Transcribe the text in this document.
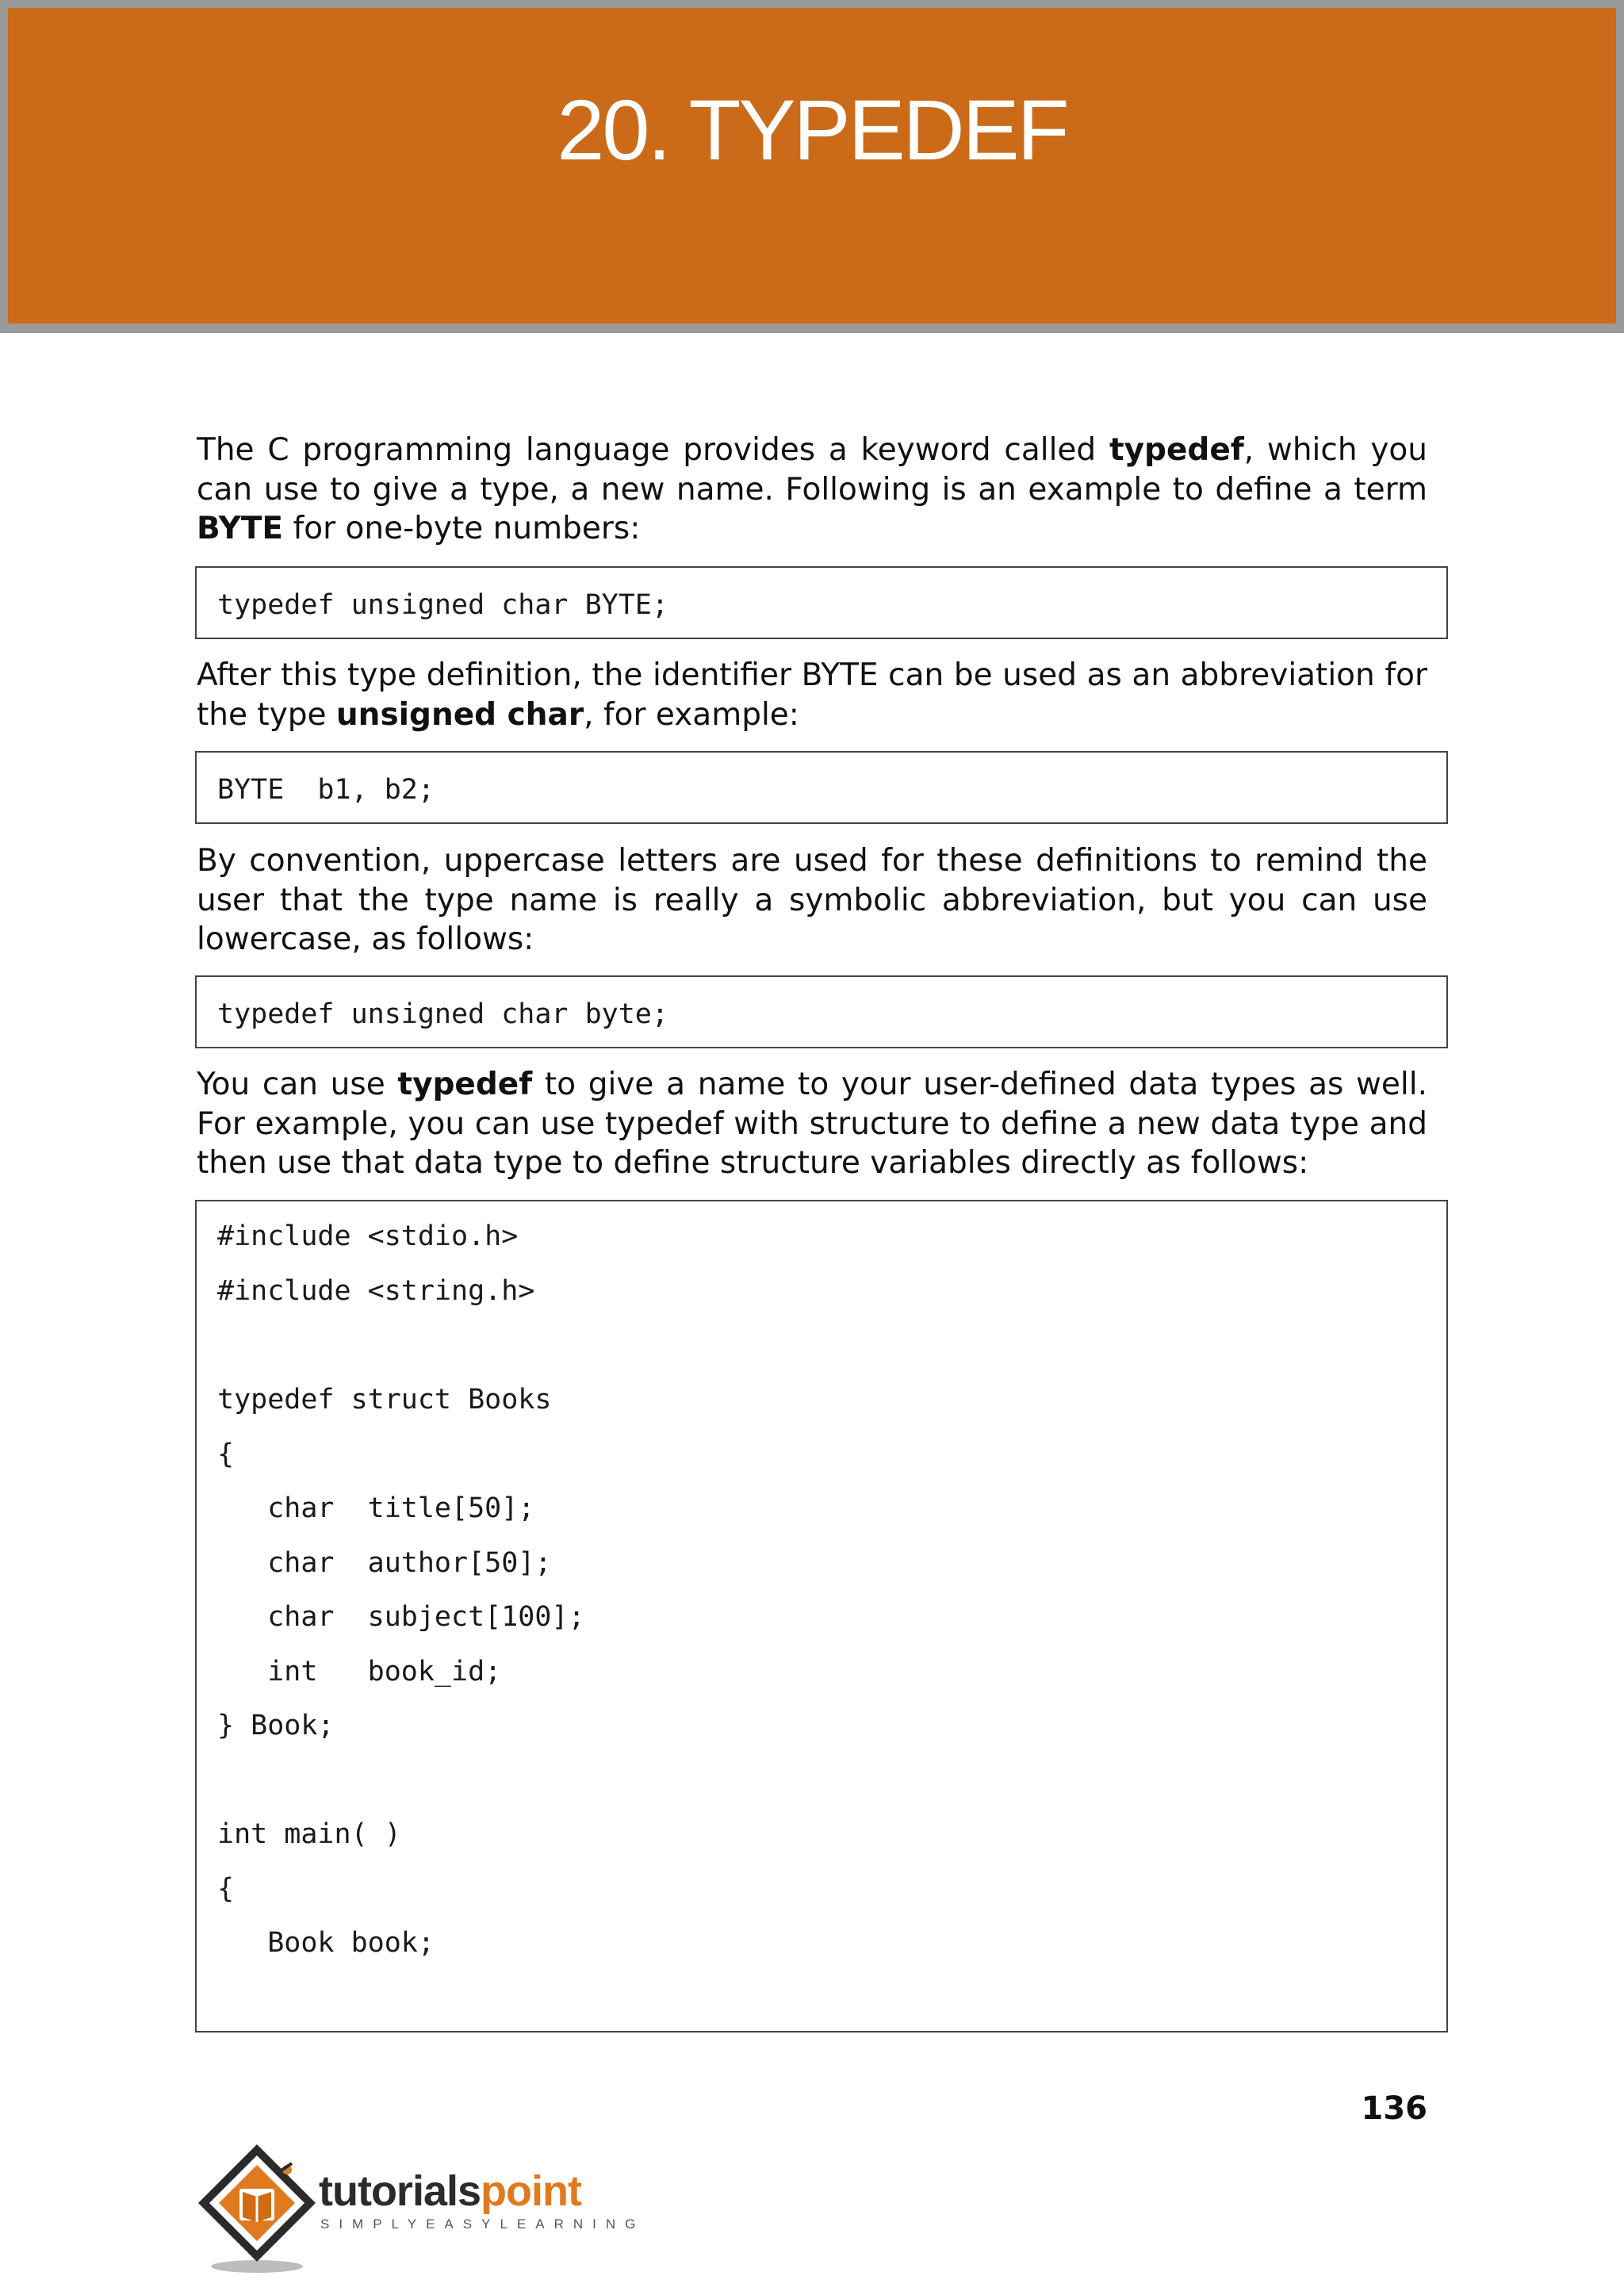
20. TYPEDEF

The C programming language provides a keyword called typedef, which you can use to give a type, a new name. Following is an example to define a term BYTE for one-byte numbers:

typedef unsigned char BYTE;

After this type definition, the identifier BYTE can be used as an abbreviation for the type unsigned char, for example:

BYTE  b1, b2;

By convention, uppercase letters are used for these definitions to remind the user that the type name is really a symbolic abbreviation, but you can use lowercase, as follows:

typedef unsigned char byte;

You can use typedef to give a name to your user-defined data types as well. For example, you can use typedef with structure to define a new data type and then use that data type to define structure variables directly as follows:

#include <stdio.h>
#include <string.h>
typedef struct Books
{
char  title[50];
char  author[50];
char  subject[100];
int   book_id;
} Book;
int main( )
{
Book book;
136
tutorialspoint
SIMPLYEASYLEARNING
